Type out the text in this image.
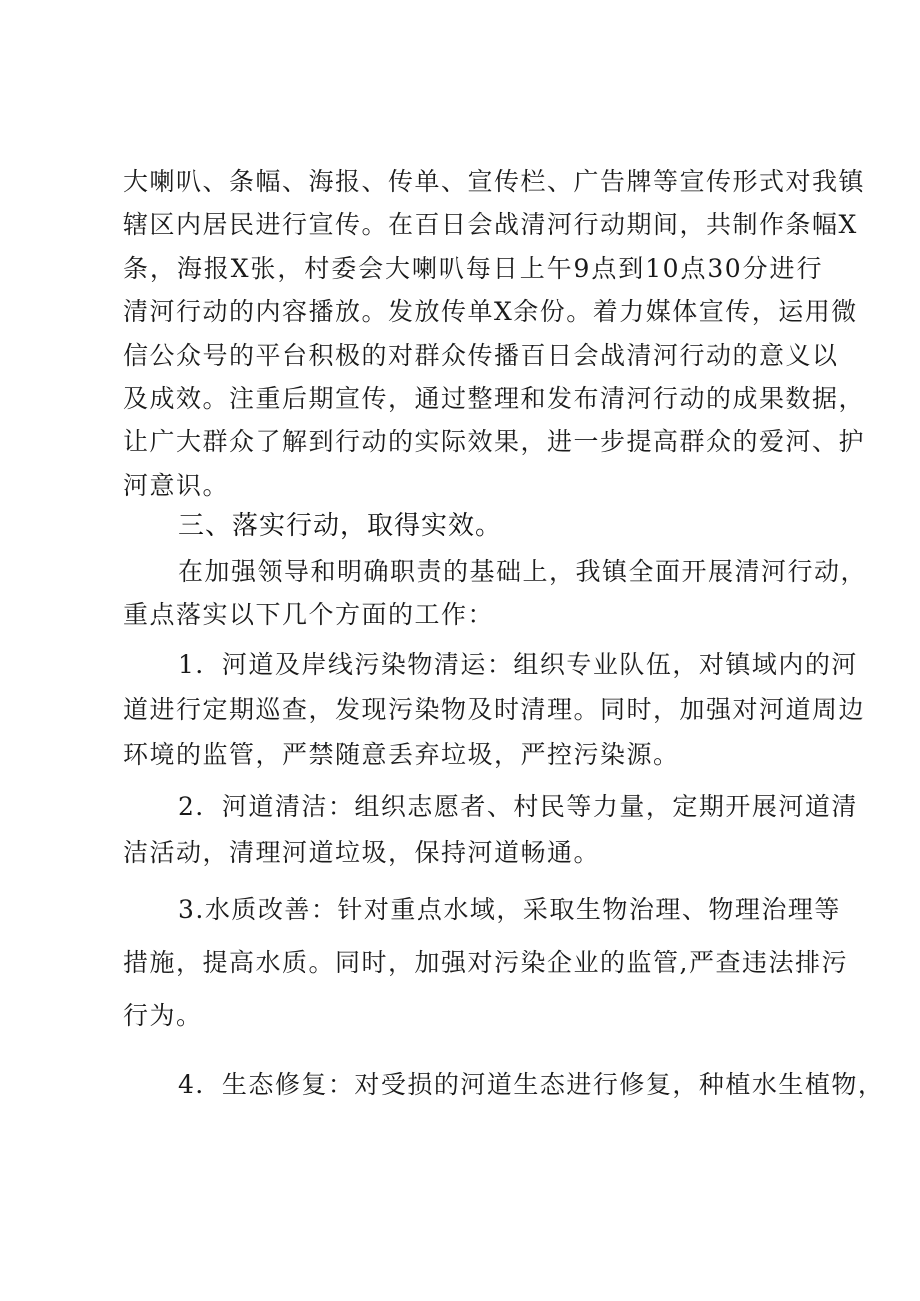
大喇叭、条幅、海报、传单、宣传栏、广告牌等宣传形式对我镇
辖区内居民进行宣传。在百日会战清河行动期间，共制作条幅X
条，海报X张，村委会大喇叭每日上午9点到10点30分进行
清河行动的内容播放。发放传单X余份。着力媒体宣传，运用微
信公众号的平台积极的对群众传播百日会战清河行动的意义以
及成效。注重后期宣传，通过整理和发布清河行动的成果数据，
让广大群众了解到行动的实际效果，进一步提高群众的爱河、护
河意识。
三、落实行动，取得实效。
在加强领导和明确职责的基础上，我镇全面开展清河行动，
重点落实以下几个方面的工作：
1．河道及岸线污染物清运：组织专业队伍，对镇域内的河
道进行定期巡查，发现污染物及时清理。同时，加强对河道周边
环境的监管，严禁随意丢弃垃圾，严控污染源。
2．河道清洁：组织志愿者、村民等力量，定期开展河道清
洁活动，清理河道垃圾，保持河道畅通。
3.水质改善：针对重点水域，采取生物治理、物理治理等
措施，提高水质。同时，加强对污染企业的监管,严查违法排污
行为。
4．生态修复：对受损的河道生态进行修复，种植水生植物，
